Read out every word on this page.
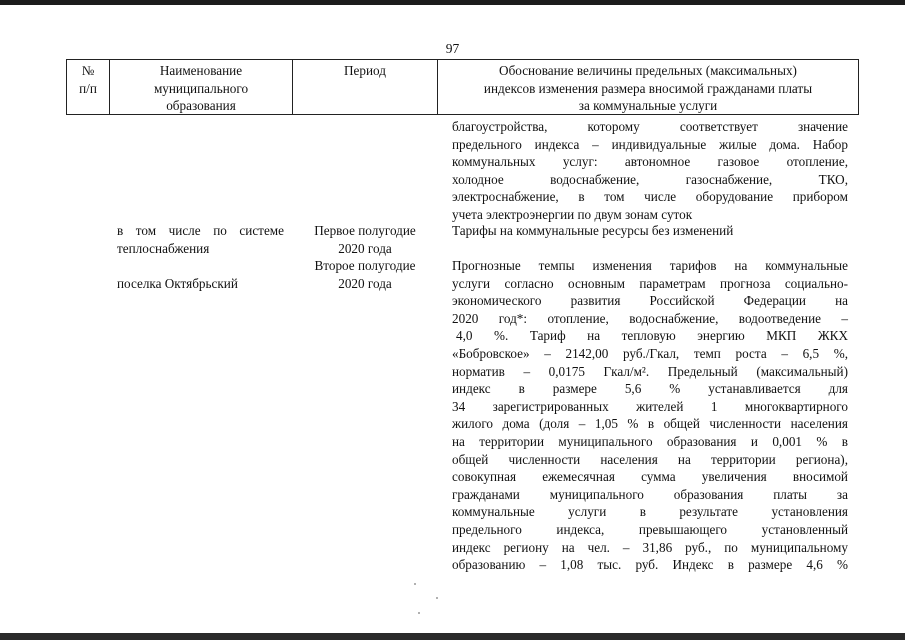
97
№
п/п
Наименование
муниципального
образования
Период	Обоснование величины предельных (максимальных)
индексов изменения размера вносимой гражданами платы
за коммунальные услуги

благоустройства, которому соответствует значение

предельного индекса – индивидуальные жилые дома. Набор

коммунальных услуг: автономное газовое отопление,

холодное водоснабжение, газоснабжение, ТКО,

электроснабжение, в том числе оборудование прибором

учета электроэнергии по двум зонам суток

в том числе по системе

теплоснабжения

поселка Октябрьский

Первое полугодие
2020 года
Тарифы на коммунальные ресурсы без изменений
Второе полугодие
2020 года

Прогнозные темпы изменения тарифов на коммунальные

услуги согласно основным параметрам прогноза социально-

экономического развития Российской Федерации на

2020 год*: отопление, водоснабжение, водоотведение –

4,0 %. Тариф на тепловую энергию МКП ЖКХ

«Бобровское» – 2142,00 руб./Гкал, темп роста – 6,5 %,

норматив – 0,0175 Гкал/м². Предельный (максимальный)

индекс в размере 5,6 % устанавливается для

34 зарегистрированных жителей 1 многоквартирного

жилого дома (доля – 1,05 % в общей численности населения

на территории муниципального образования и 0,001 % в

общей численности населения на территории региона),

совокупная ежемесячная сумма увеличения вносимой

гражданами муниципального образования платы за

коммунальные услуги в результате установления

предельного индекса, превышающего установленный

индекс региону на чел. – 31,86 руб., по муниципальному

образованию – 1,08 тыс. руб. Индекс в размере 4,6 %
